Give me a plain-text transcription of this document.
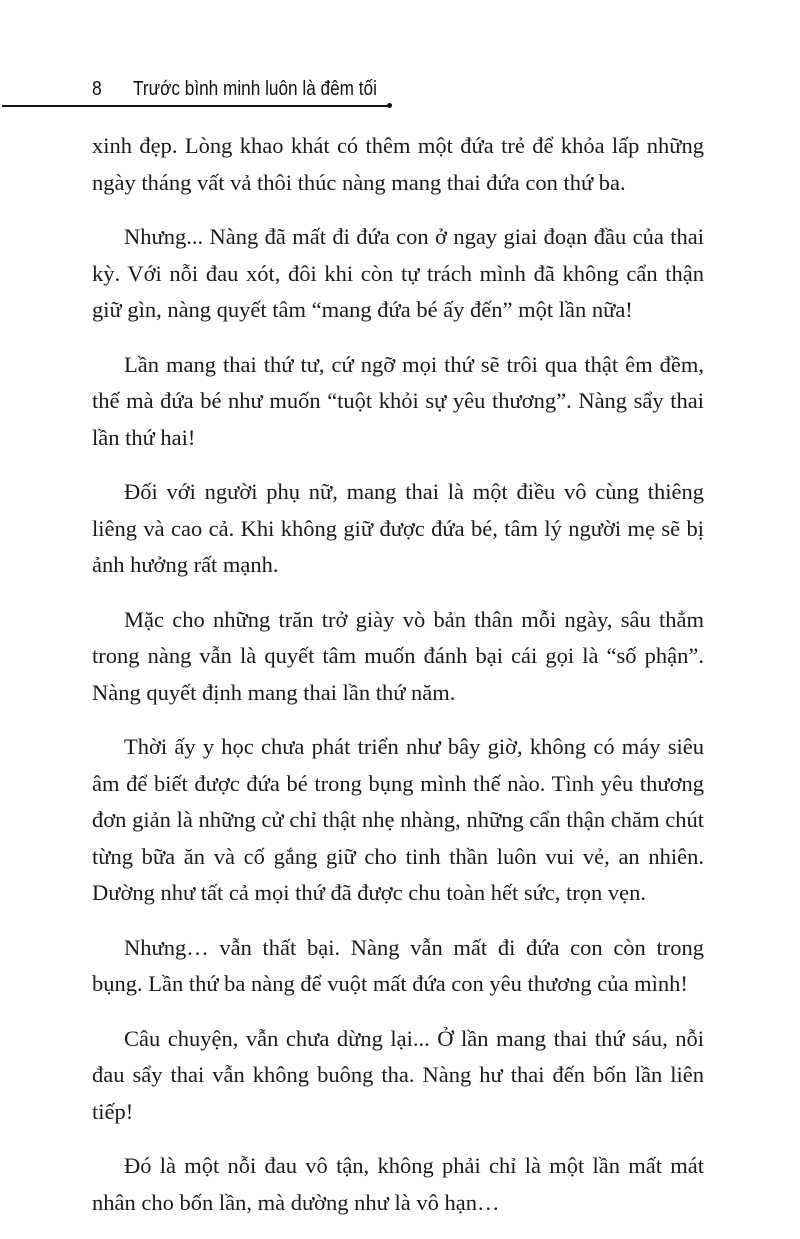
8 Trước bình minh luôn là đêm tối

xinh đẹp. Lòng khao khát có thêm một đứa trẻ để khỏa lấp những ngày tháng vất vả thôi thúc nàng mang thai đứa con thứ ba.

Nhưng... Nàng đã mất đi đứa con ở ngay giai đoạn đầu của thai kỳ. Với nỗi đau xót, đôi khi còn tự trách mình đã không cẩn thận giữ gìn, nàng quyết tâm “mang đứa bé ấy đến” một lần nữa!

Lần mang thai thứ tư, cứ ngỡ mọi thứ sẽ trôi qua thật êm đềm, thế mà đứa bé như muốn “tuột khỏi sự yêu thương”. Nàng sẩy thai lần thứ hai!

Đối với người phụ nữ, mang thai là một điều vô cùng thiêng liêng và cao cả. Khi không giữ được đứa bé, tâm lý người mẹ sẽ bị ảnh hưởng rất mạnh.

Mặc cho những trăn trở giày vò bản thân mỗi ngày, sâu thẳm trong nàng vẫn là quyết tâm muốn đánh bại cái gọi là “số phận”. Nàng quyết định mang thai lần thứ năm.

Thời ấy y học chưa phát triển như bây giờ, không có máy siêu âm để biết được đứa bé trong bụng mình thế nào. Tình yêu thương đơn giản là những cử chỉ thật nhẹ nhàng, những cẩn thận chăm chút từng bữa ăn và cố gắng giữ cho tinh thần luôn vui vẻ, an nhiên. Dường như tất cả mọi thứ đã được chu toàn hết sức, trọn vẹn.

Nhưng… vẫn thất bại. Nàng vẫn mất đi đứa con còn trong bụng. Lần thứ ba nàng để vuột mất đứa con yêu thương của mình!

Câu chuyện, vẫn chưa dừng lại... Ở lần mang thai thứ sáu, nỗi đau sẩy thai vẫn không buông tha. Nàng hư thai đến bốn lần liên tiếp!

Đó là một nỗi đau vô tận, không phải chỉ là một lần mất mát nhân cho bốn lần, mà dường như là vô hạn…
